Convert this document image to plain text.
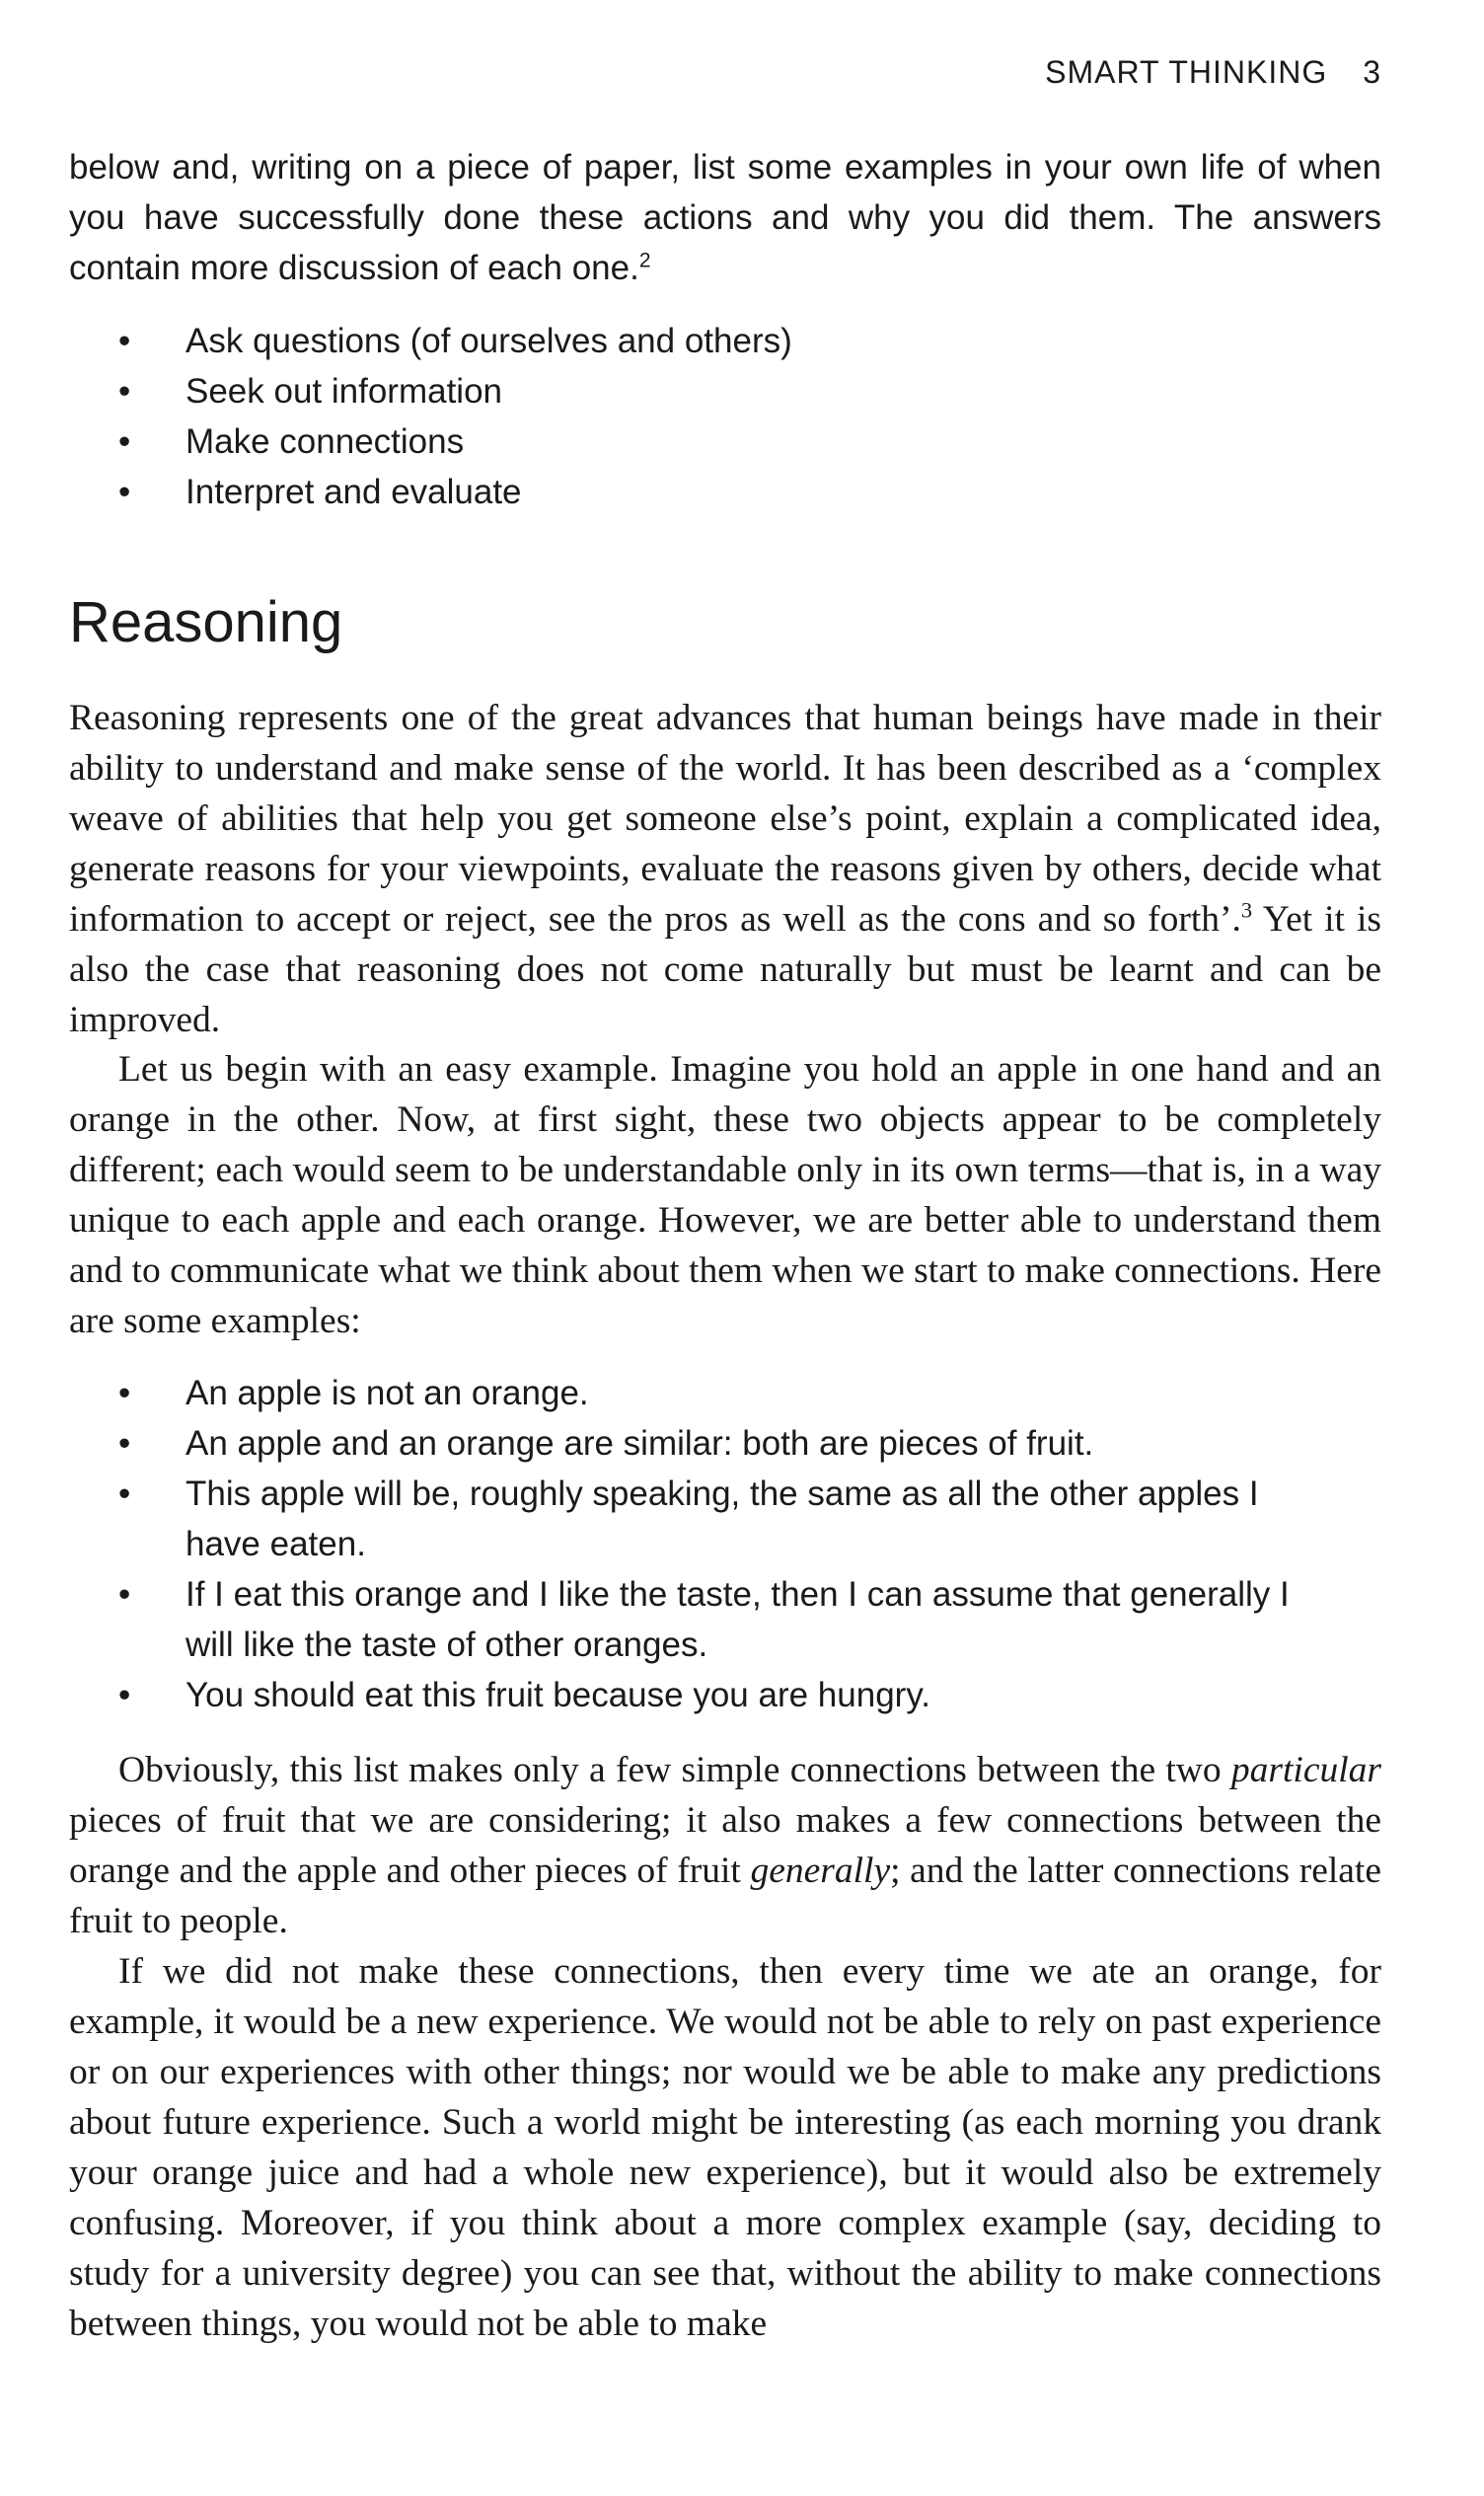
SMART THINKING 3

below and, writing on a piece of paper, list some examples in your own life of when you have successfully done these actions and why you did them. The answers contain more discussion of each one.$^2$

• Ask questions (of ourselves and others)
• Seek out information
• Make connections
• Interpret and evaluate
Reasoning

Reasoning represents one of the great advances that human beings have made in their ability to understand and make sense of the world. It has been described as a ‘complex weave of abilities that help you get someone else’s point, explain a complicated idea, generate reasons for your viewpoints, evaluate the reasons given by others, decide what information to accept or reject, see the pros as well as the cons and so forth’.$^3$ Yet it is also the case that reasoning does not come naturally but must be learnt and can be improved.

Let us begin with an easy example. Imagine you hold an apple in one hand and an orange in the other. Now, at first sight, these two objects appear to be completely different; each would seem to be understandable only in its own terms—that is, in a way unique to each apple and each orange. However, we are better able to understand them and to communicate what we think about them when we start to make connections. Here are some examples:

• An apple is not an orange.
• An apple and an orange are similar: both are pieces of fruit.
• This apple will be, roughly speaking, the same as all the other apples I have eaten.
• If I eat this orange and I like the taste, then I can assume that generally I will like the taste of other oranges.
• You should eat this fruit because you are hungry.

Obviously, this list makes only a few simple connections between the two particular pieces of fruit that we are considering; it also makes a few connections between the orange and the apple and other pieces of fruit generally; and the latter connections relate fruit to people.

If we did not make these connections, then every time we ate an orange, for example, it would be a new experience. We would not be able to rely on past experience or on our experiences with other things; nor would we be able to make any predictions about future experience. Such a world might be interesting (as each morning you drank your orange juice and had a whole new experience), but it would also be extremely confusing. Moreover, if you think about a more complex example (say, deciding to study for a university degree) you can see that, without the ability to make connections between things, you would not be able to make
